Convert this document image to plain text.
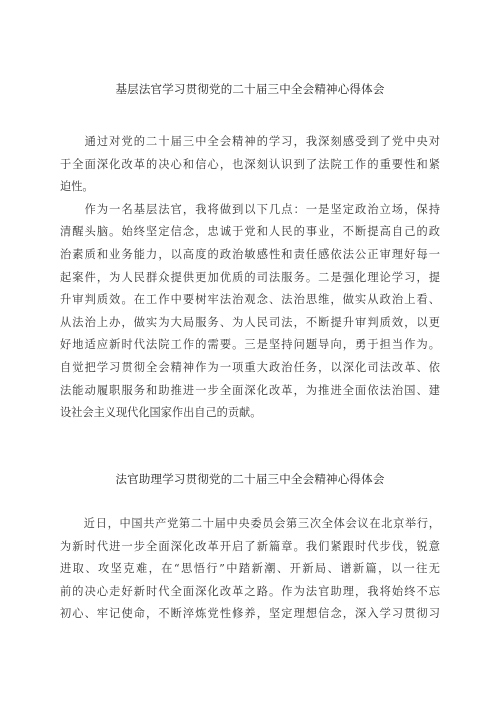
基层法官学习贯彻党的二十届三中全会精神心得体会
　　通过对党的二十届三中全会精神的学习，我深刻感受到了党中央对
于全面深化改革的决心和信心，也深刻认识到了法院工作的重要性和紧
迫性。
　　作为一名基层法官，我将做到以下几点：一是坚定政治立场，保持
清醒头脑。始终坚定信念，忠诚于党和人民的事业，不断提高自己的政
治素质和业务能力，以高度的政治敏感性和责任感依法公正审理好每一
起案件，为人民群众提供更加优质的司法服务。二是强化理论学习，提
升审判质效。在工作中要树牢法治观念、法治思维，做实从政治上看、
从法治上办，做实为大局服务、为人民司法，不断提升审判质效，以更
好地适应新时代法院工作的需要。三是坚持问题导向，勇于担当作为。
自觉把学习贯彻全会精神作为一项重大政治任务，以深化司法改革、依
法能动履职服务和助推进一步全面深化改革，为推进全面依法治国、建
设社会主义现代化国家作出自己的贡献。
法官助理学习贯彻党的二十届三中全会精神心得体会
　　近日，中国共产党第二十届中央委员会第三次全体会议在北京举行，
为新时代进一步全面深化改革开启了新篇章。我们紧跟时代步伐，锐意
进取、攻坚克难，在“思悟行”中踏新潮、开新局、谱新篇，以一往无
前的决心走好新时代全面深化改革之路。作为法官助理，我将始终不忘
初心、牢记使命，不断淬炼党性修养，坚定理想信念，深入学习贯彻习
